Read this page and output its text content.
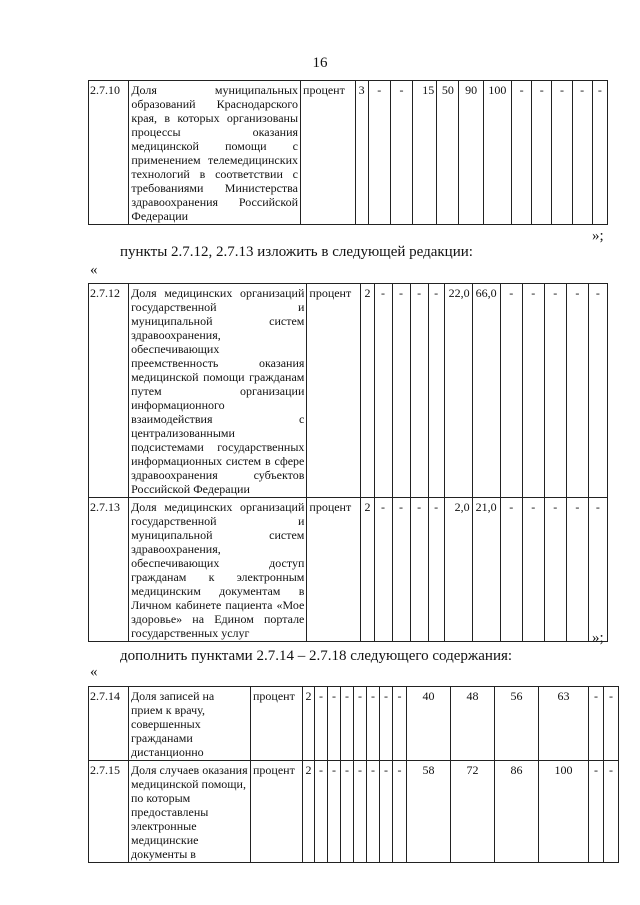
16
2.7.10	Доля муниципальных образований Краснодарского края, в которых организованы процессы оказания медицинской помощи с применением телемедицинских технологий в соответствии с требованиями Министерства здравоохранения Российской Федерации	процент	3	-	-	15	50	90	100	-	-	-	-	-
»;
пункты 2.7.12, 2.7.13 изложить в следующей редакции:
«
2.7.12	Доля медицинских организаций государственной и муниципальной систем здравоохранения, обеспечивающих преемственность оказания медицинской помощи гражданам путем организации информационного взаимодействия с централизованными подсистемами государственных информационных систем в сфере здравоохранения субъектов Российской Федерации	процент	2	-	-	-	-	22,0	66,0	-	-	-	-	-
2.7.13	Доля медицинских организаций государственной и муниципальной систем здравоохранения, обеспечивающих доступ гражданам к электронным медицинским документам в Личном кабинете пациента «Мое здоровье» на Едином портале государственных услуг	процент	2	-	-	-	-	2,0	21,0	-	-	-	-	-
»;
дополнить пунктами 2.7.14 – 2.7.18 следующего содержания:
«
2.7.14	Доля записей на прием к врачу, совершенных гражданами дистанционно	процент	2	-	-	-	-	-	-	-	40	48	56	63	-	-
2.7.15	Доля случаев оказания медицинской помощи, по которым предоставлены электронные медицинские документы в	процент	2	-	-	-	-	-	-	-	58	72	86	100	-	-
